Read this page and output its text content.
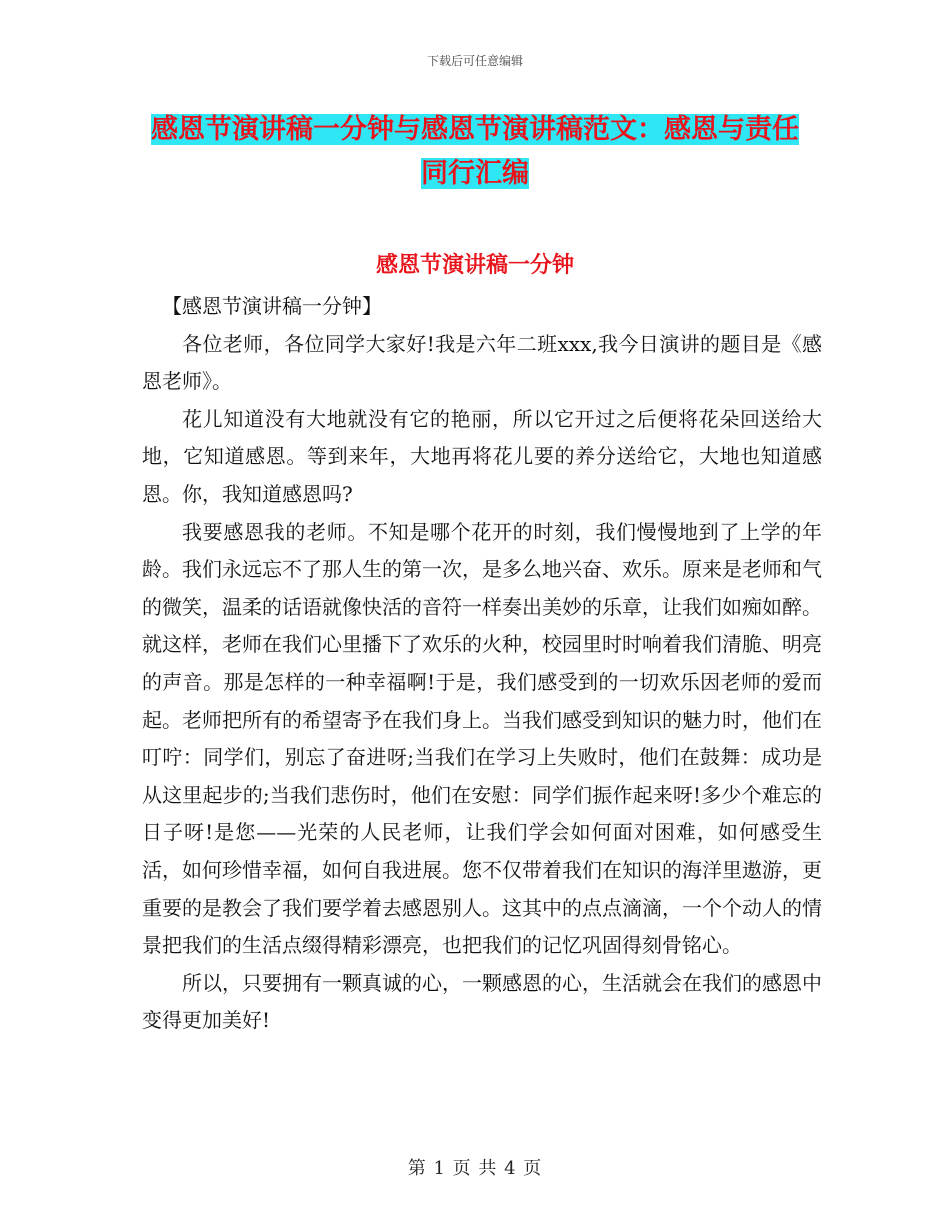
下载后可任意编辑
感恩节演讲稿一分钟与感恩节演讲稿范文：感恩与责任同行汇编
感恩节演讲稿一分钟

【感恩节演讲稿一分钟】

各位老师，各位同学大家好!我是六年二班xxx,我今日演讲的题目是《感恩老师》。

花儿知道没有大地就没有它的艳丽，所以它开过之后便将花朵回送给大地，它知道感恩。等到来年，大地再将花儿要的养分送给它，大地也知道感恩。你，我知道感恩吗?

我要感恩我的老师。不知是哪个花开的时刻，我们慢慢地到了上学的年龄。我们永远忘不了那人生的第一次，是多么地兴奋、欢乐。原来是老师和气的微笑，温柔的话语就像快活的音符一样奏出美妙的乐章，让我们如痴如醉。 就这样，老师在我们心里播下了欢乐的火种，校园里时时响着我们清脆、明亮的声音。那是怎样的一种幸福啊!于是，我们感受到的一切欢乐因老师的爱而起。老师把所有的希望寄予在我们身上。当我们感受到知识的魅力时，他们在叮咛：同学们，别忘了奋进呀;当我们在学习上失败时，他们在鼓舞：成功是从这里起步的;当我们悲伤时，他们在安慰：同学们振作起来呀!多少个难忘的日子呀!是您——光荣的人民老师，让我们学会如何面对困难，如何感受生活，如何珍惜幸福，如何自我进展。您不仅带着我们在知识的海洋里遨游，更重要的是教会了我们要学着去感恩别人。这其中的点点滴滴，一个个动人的情景把我们的生活点缀得精彩漂亮，也把我们的记忆巩固得刻骨铭心。

所以，只要拥有一颗真诚的心，一颗感恩的心，生活就会在我们的感恩中变得更加美好!

第 1 页 共 4 页
